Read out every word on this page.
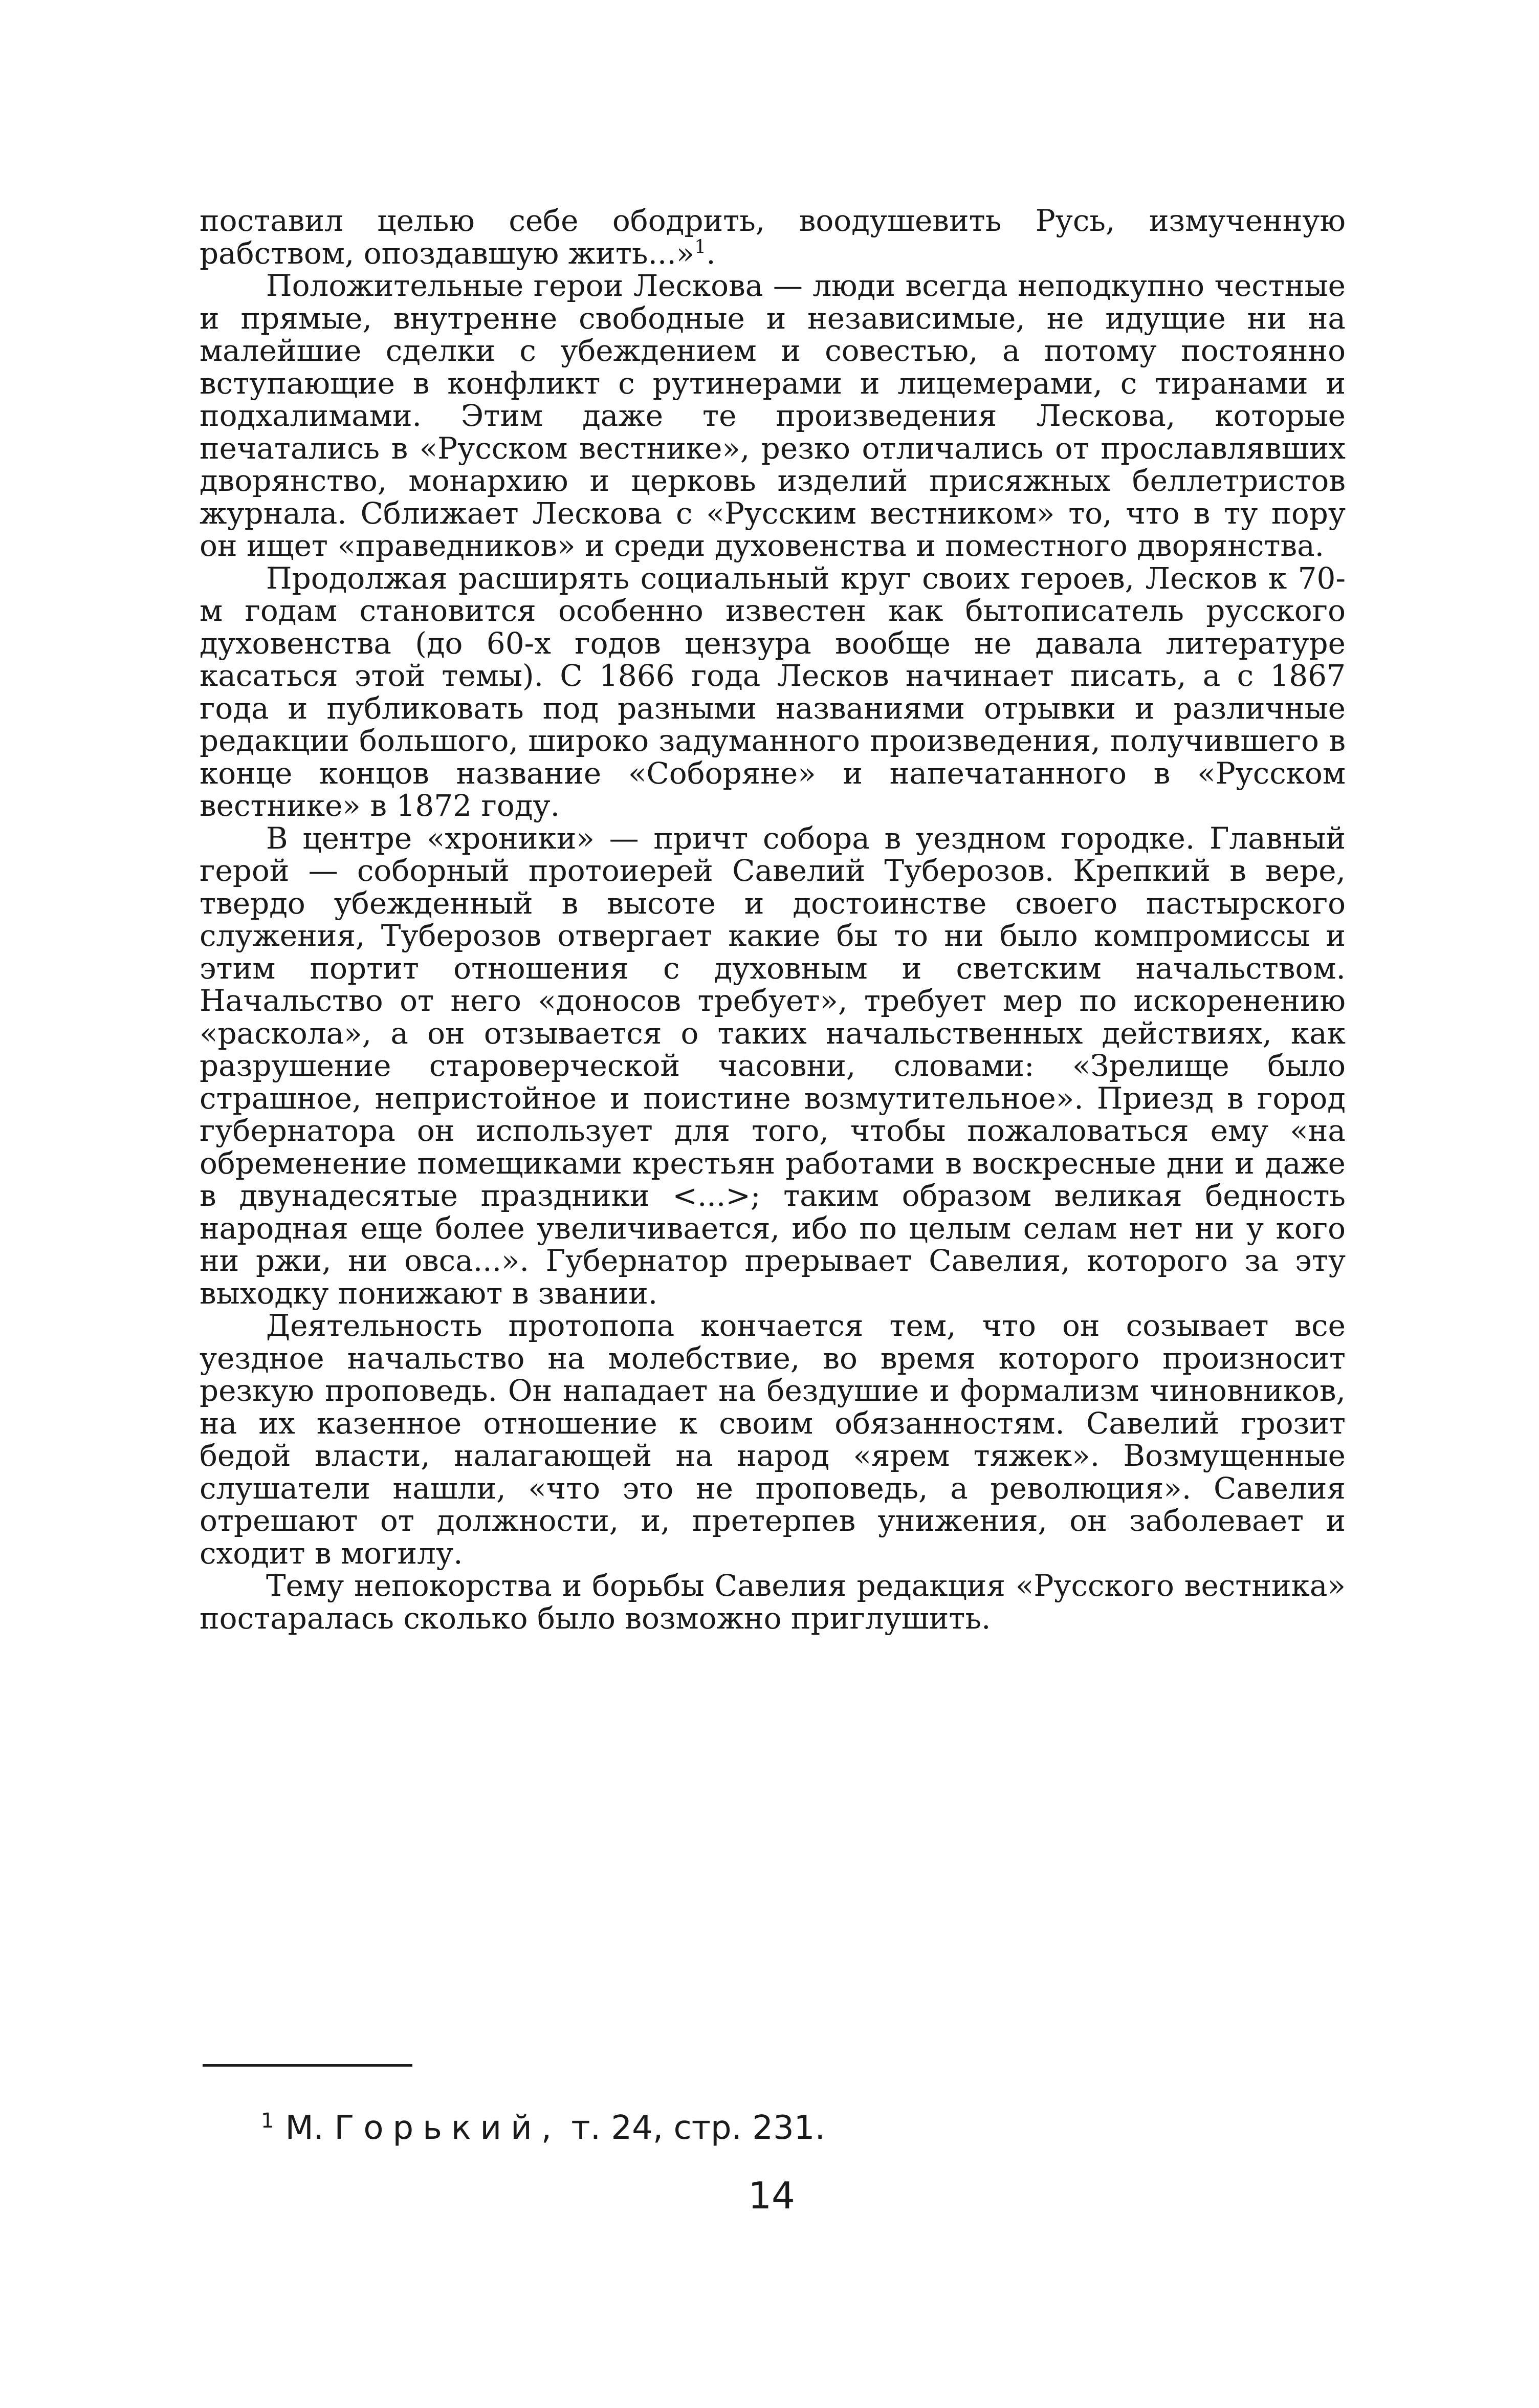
поставил целью себе ободрить, воодушевить Русь, измученную рабством, опоздавшую жить...»$^1$.

Положительные герои Лескова — люди всегда неподкупно честные и прямые, внутренне свободные и независимые, не идущие ни на малейшие сделки с убеждением и совестью, а потому постоянно вступающие в конфликт с рутинерами и лицемерами, с тиранами и подхалимами. Этим даже те произведения Лескова, которые печатались в «Русском вестнике», резко отличались от прославлявших дворянство, монархию и церковь изделий присяжных беллетристов журнала. Сближает Лескова с «Русским вестником» то, что в ту пору он ищет «праведников» и среди духовенства и поместного дворянства.

Продолжая расширять социальный круг своих героев, Лесков к 70-м годам становится особенно известен как бытописатель русского духовенства (до 60-х годов цензура вообще не давала литературе касаться этой темы). С 1866 года Лесков начинает писать, а с 1867 года и публиковать под разными названиями отрывки и различные редакции большого, широко задуманного произведения, получившего в конце концов название «Соборяне» и напечатанного в «Русском вестнике» в 1872 году.

В центре «хроники» — причт собора в уездном городке. Главный герой — соборный протоиерей Савелий Туберозов. Крепкий в вере, твердо убежденный в высоте и достоинстве своего пастырского служения, Туберозов отвергает какие бы то ни было компромиссы и этим портит отношения с духовным и светским начальством. Начальство от него «доносов требует», требует мер по искоренению «раскола», а он отзывается о таких начальственных действиях, как разрушение староверческой часовни, словами: «Зрелище было страшное, непристойное и поистине возмутительное». Приезд в город губернатора он использует для того, чтобы пожаловаться ему «на обременение помещиками крестьян работами в воскресные дни и даже в двунадесятые праздники <...>; таким образом великая бедность народная еще более увеличивается, ибо по целым селам нет ни у кого ни ржи, ни овса...». Губернатор прерывает Савелия, которого за эту выходку понижают в звании.

Деятельность протопопа кончается тем, что он созывает все уездное начальство на молебствие, во время которого произносит резкую проповедь. Он нападает на бездушие и формализм чиновников, на их казенное отношение к своим обязанностям. Савелий грозит бедой власти, налагающей на народ «ярем тяжек». Возмущенные слушатели нашли, «что это не проповедь, а революция». Савелия отрешают от должности, и, претерпев унижения, он заболевает и сходит в могилу.

Тему непокорства и борьбы Савелия редакция «Русского вестника» постаралась сколько было возможно приглушить.

$^1$ М. Горький, т. 24, стр. 231.
14
